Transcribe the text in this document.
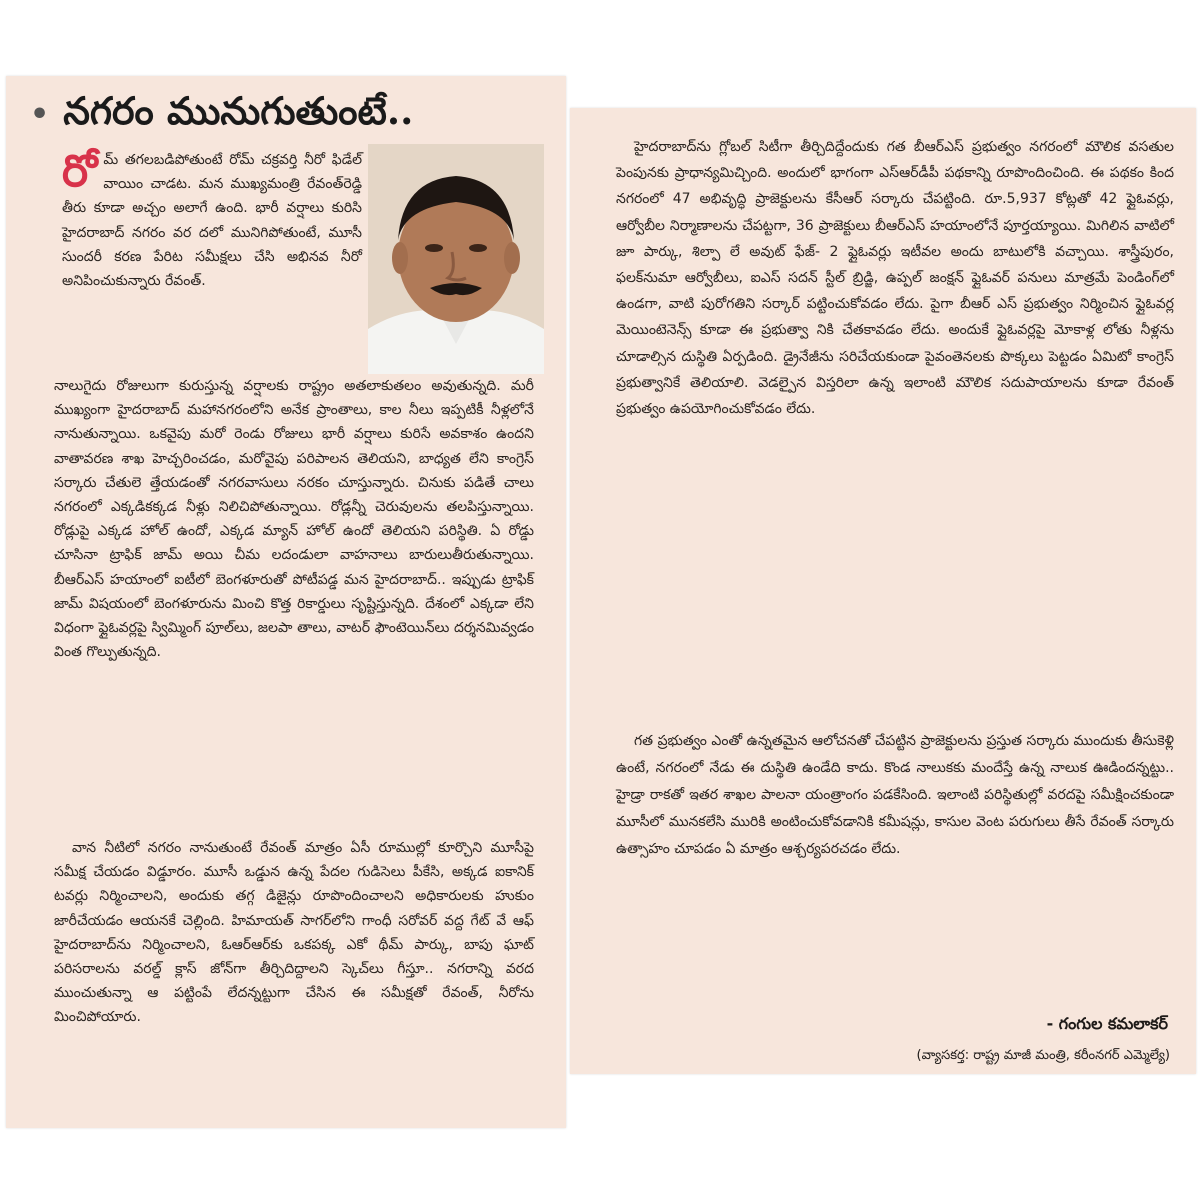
• నగరం మునుగుతుంటే..
రోమ్ తగలబడిపోతుంటే రోమ్ చక్రవర్తి నీరో ఫిడేల్ వాయిం చాడట. మన ముఖ్యమంత్రి రేవంత్‌రెడ్డి తీరు కూడా అచ్చం అలాగే ఉంది. భారీ వర్షాలు కురిసి హైదరాబాద్ నగరం వర దలో మునిగిపోతుంటే, మూసీ సుందరీ కరణ పేరిట సమీక్షలు చేసి అభినవ నీరో అనిపించుకున్నారు రేవంత్.
నాలుగైదు రోజులుగా కురుస్తున్న వర్షాలకు రాష్ట్రం అతలాకుతలం అవుతున్నది. మరీ ముఖ్యంగా హైదరాబాద్ మహానగరంలోని అనేక ప్రాంతాలు, కాల నీలు ఇప్పటికీ నీళ్లలోనే నానుతున్నాయి. ఒకవైపు మరో రెండు రోజులు భారీ వర్షాలు కురిసే అవకాశం ఉందని వాతావరణ శాఖ హెచ్చరించడం, మరోవైపు పరిపాలన తెలియని, బాధ్యత లేని కాంగ్రెస్ సర్కారు చేతులె త్తేయడంతో నగరవాసులు నరకం చూస్తున్నారు. చినుకు పడితే చాలు నగరంలో ఎక్కడికక్కడ నీళ్లు నిలిచిపోతున్నాయి. రోడ్లన్నీ చెరువులను తలపిస్తున్నాయి. రోడ్లుపై ఎక్కడ హోల్ ఉందో, ఎక్కడ మ్యాన్ హోల్ ఉందో తెలియని పరిస్థితి. ఏ రోడ్డు చూసినా ట్రాఫిక్ జామ్ అయి చీమ లదండులా వాహనాలు బారులుతీరుతున్నాయి. బీఆర్ఎస్ హయాంలో ఐటీలో బెంగళూరుతో పోటీపడ్డ మన హైదరాబాద్.. ఇప్పుడు ట్రాఫిక్ జామ్ విషయంలో బెంగళూరును మించి కొత్త రికార్డులు సృష్టిస్తున్నది. దేశంలో ఎక్కడా లేని విధంగా ఫ్లైఓవర్లపై స్విమ్మింగ్ పూల్‌లు, జలపా తాలు, వాటర్ ఫౌంటెయిన్‌లు దర్శనమివ్వడం వింత గొల్పుతున్నది.
వాన నీటిలో నగరం నానుతుంటే రేవంత్ మాత్రం ఏసీ రూముల్లో కూర్చొని మూసీపై సమీక్ష చేయడం విడ్డూరం. మూసీ ఒడ్డున ఉన్న పేదల గుడిసెలు పీకేసి, అక్కడ ఐకానిక్ టవర్లు నిర్మించాలని, అందుకు తగ్గ డిజైన్లు రూపొందించాలని అధికారులకు హుకుం జారీచేయడం ఆయనకే చెల్లింది. హిమాయత్ సాగర్‌లోని గాంధీ సరోవర్ వద్ద గేట్ వే ఆఫ్ హైదరాబాద్‌ను నిర్మించాలని, ఓఆర్ఆర్‌కు ఒకపక్క ఎకో థీమ్ పార్కు, బాపు ఘాట్ పరిసరాలను వరల్డ్ క్లాస్ జోన్‌గా తీర్చిదిద్దాలని స్కెచ్‌లు గీస్తూ.. నగరాన్ని వరద ముంచుతున్నా ఆ పట్టింపే లేదన్నట్టుగా చేసిన ఈ సమీక్షతో రేవంత్, నీరోను మించిపోయారు.
హైదరాబాద్‌ను గ్లోబల్ సిటీగా తీర్చిదిద్దేందుకు గత బీఆర్ఎస్ ప్రభుత్వం నగరంలో మౌలిక వసతుల పెంపునకు ప్రాధాన్యమిచ్చింది. అందులో భాగంగా ఎస్ఆర్‌డీపీ పథకాన్ని రూపొందించింది. ఈ పథకం కింద నగరంలో 47 అభివృద్ధి ప్రాజెక్టులను కేసీఆర్ సర్కారు చేపట్టింది. రూ.5,937 కోట్లతో 42 ఫ్లైఓవర్లు, ఆర్వోబీల నిర్మాణాలను చేపట్టగా, 36 ప్రాజెక్టులు బీఆర్ఎస్ హయాంలోనే పూర్తయ్యాయి. మిగిలిన వాటిలో జూ పార్కు, శిల్పా లే అవుట్ ఫేజ్- 2 ఫ్లైఓవర్లు ఇటీవల అందు బాటులోకి వచ్చాయి. శాస్త్రీపురం, ఫలక్‌నుమా ఆర్వోబీలు, ఐఎస్ సదన్ స్టీల్ బ్రిడ్జి, ఉప్పల్ జంక్షన్ ఫ్లైఓవర్ పనులు మాత్రమే పెండింగ్‌లో ఉండగా, వాటి పురోగతిని సర్కార్ పట్టించుకోవడం లేదు. పైగా బీఆర్ ఎస్ ప్రభుత్వం నిర్మించిన ఫ్లైఓవర్ల మెయింటెనెన్స్ కూడా ఈ ప్రభుత్వా నికి చేతకావడం లేదు. అందుకే ఫ్లైఓవర్లపై మోకాళ్ల లోతు నీళ్లను చూడాల్సిన దుస్థితి ఏర్పడింది. డ్రైనేజీను సరిచేయకుండా పైవంతెనలకు పొక్కలు పెట్టడం ఏమిటో కాంగ్రెస్ ప్రభుత్వానికే తెలియాలి. వెడల్పైన విస్తరిలా ఉన్న ఇలాంటి మౌలిక సదుపాయాలను కూడా రేవంత్ ప్రభుత్వం ఉపయోగించుకోవడం లేదు.
గత ప్రభుత్వం ఎంతో ఉన్నతమైన ఆలోచనతో చేపట్టిన ప్రాజెక్టులను ప్రస్తుత సర్కారు ముందుకు తీసుకెళ్లి ఉంటే, నగరంలో నేడు ఈ దుస్థితి ఉండేది కాదు. కొండ నాలుకకు మందేస్తే ఉన్న నాలుక ఊడిందన్నట్టు.. హైడ్రా రాకతో ఇతర శాఖల పాలనా యంత్రాంగం పడకేసింది. ఇలాంటి పరిస్థితుల్లో వరదపై సమీక్షించకుండా మూసీలో మునకలేసి మురికి అంటించుకోవడానికి కమీషన్లు, కాసుల వెంట పరుగులు తీసే రేవంత్ సర్కారు ఉత్సాహం చూపడం ఏ మాత్రం ఆశ్చర్యపరచడం లేదు.
- గంగుల కమలాకర్
(వ్యాసకర్త: రాష్ట్ర మాజీ మంత్రి, కరీంనగర్ ఎమ్మెల్యే)
